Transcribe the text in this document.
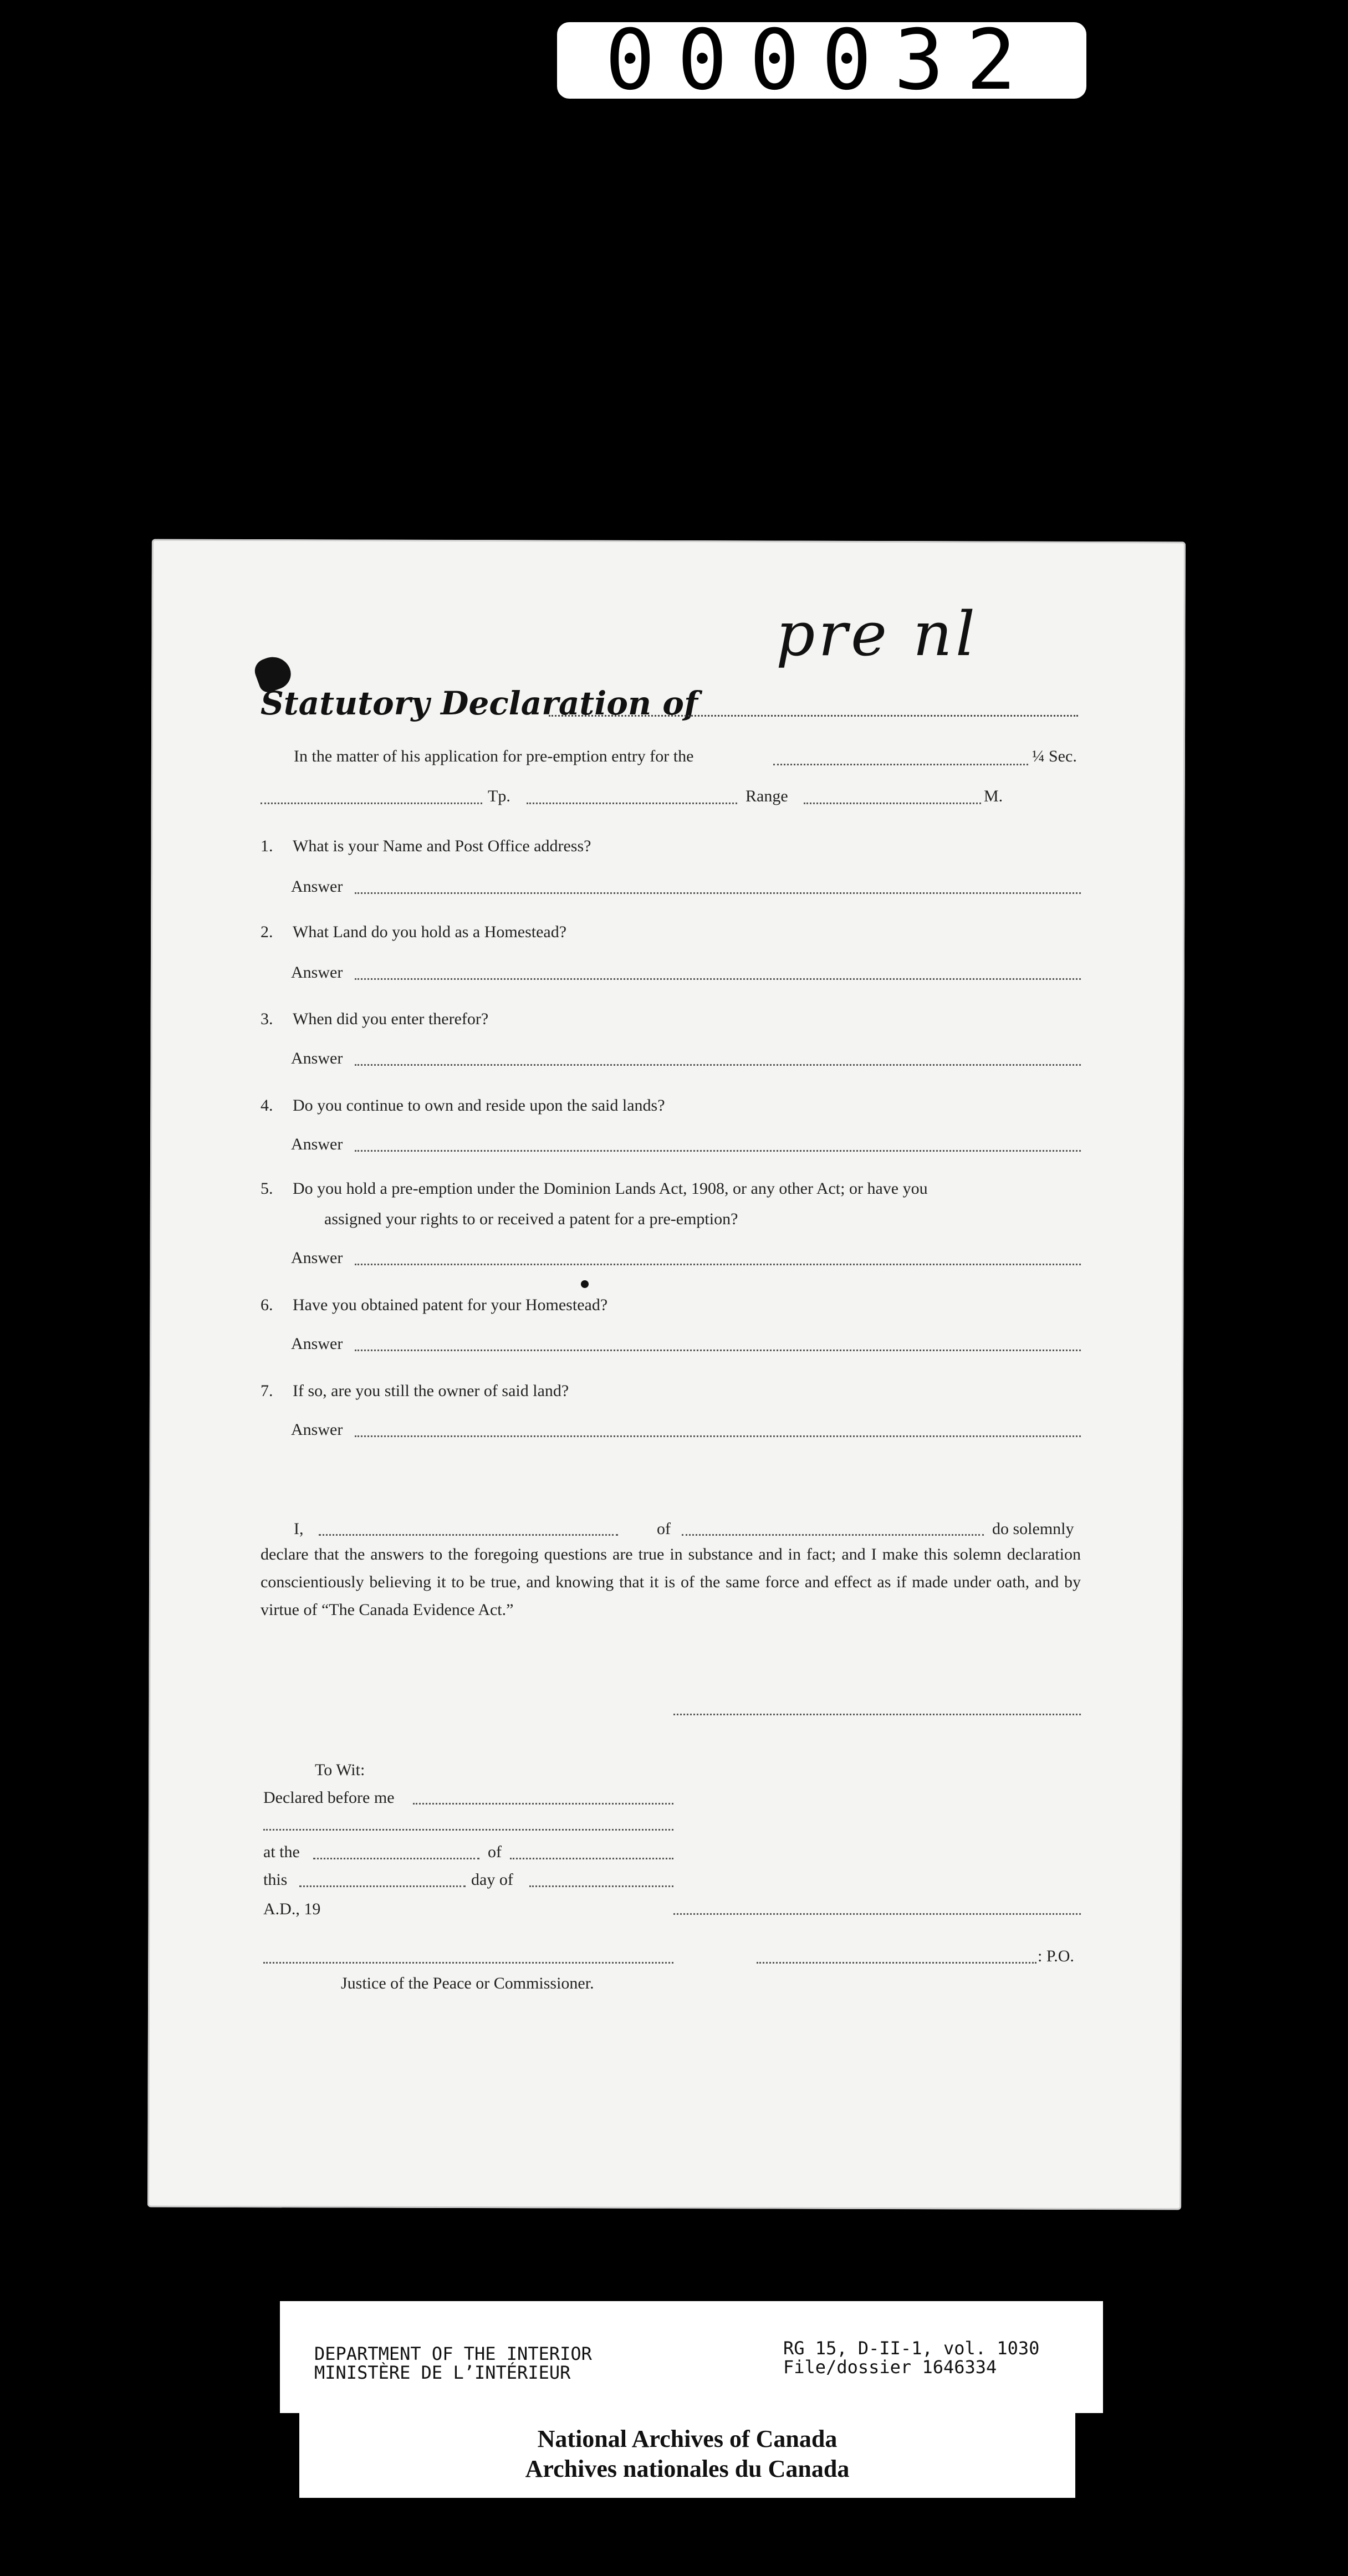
000032
pre nl
Statutory Declaration of
In the matter of his application for pre-emption entry for the	¼ Sec.
Tp.	Range	M.
1. What is your Name and Post Office address?
Answer
2. What Land do you hold as a Homestead?
Answer
3. When did you enter therefor?
Answer
4. Do you continue to own and reside upon the said lands?
Answer
5. Do you hold a pre-emption under the Dominion Lands Act, 1908, or any other Act; or have you
assigned your rights to or received a patent for a pre-emption?
Answer
6. Have you obtained patent for your Homestead?
Answer
7. If so, are you still the owner of said land?
Answer
I,	of	do solemnly
declare that the answers to the foregoing questions are true in substance and in fact; and I make this solemn declaration conscientiously believing it to be true, and knowing that it is of the same force and effect as if made under oath, and by virtue of “The Canada Evidence Act.”
To Wit:
Declared before me
at the	of
this	day of
A.D., 19
: P.O.
Justice of the Peace or Commissioner.
DEPARTMENT OF THE INTERIOR
MINISTÈRE DE L’INTÉRIEUR
RG 15, D-II-1, vol. 1030
File/dossier 1646334
National Archives of Canada
Archives nationales du Canada
